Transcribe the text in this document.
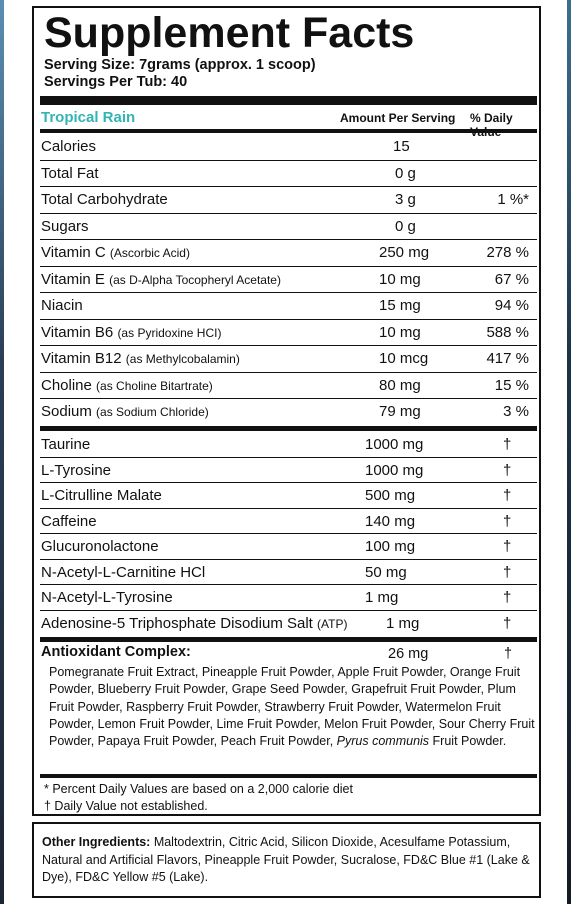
Supplement Facts
Serving Size: 7grams (approx. 1 scoop)
Servings Per Tub: 40
Tropical Rain	Amount Per Serving % Daily
Calories	15
Total Fat	0 g
Total Carbohydrate	3 g	1 %*
Sugars	0 g
Vitamin C (Ascorbic Acid)	250 mg	278 %
Vitamin E (as D-Alpha Tocopheryl Acetate)	10 mg	67 %
Niacin	15 mg	94 %
Vitamin B6 (as Pyridoxine HCI)	10 mg	588 %
Vitamin B12 (as Methylcobalamin)	10 mcg	417 %
Choline (as Choline Bitartrate)	80 mg	15 %
Sodium (as Sodium Chloride)	79 mg	3 %
Taurine	1000 mg	†
L-Tyrosine	1000 mg	†
L-Citrulline Malate	500 mg	†
Caffeine	140 mg	†
Glucuronolactone	100 mg	†
N-Acetyl-L-Carnitine HCl	50 mg	†
N-Acetyl-L-Tyrosine	1 mg	†
Adenosine-5 Triphosphate Disodium Salt (ATP)	1 mg	†
Antioxidant Complex:	26 mg	†
Pomegranate Fruit Extract, Pineapple Fruit Powder, Apple Fruit Powder, Orange Fruit Powder, Blueberry Fruit Powder, Grape Seed Powder, Grapefruit Fruit Powder, Plum Fruit Powder, Raspberry Fruit Powder, Strawberry Fruit Powder, Watermelon Fruit Powder, Lemon Fruit Powder, Lime Fruit Powder, Melon Fruit Powder, Sour Cherry Fruit Powder, Papaya Fruit Powder, Peach Fruit Powder, Pyrus communis Fruit Powder.
* Percent Daily Values are based on a 2,000 calorie diet
† Daily Value not established.
Other Ingredients: Maltodextrin, Citric Acid, Silicon Dioxide, Acesulfame Potassium, Natural and Artificial Flavors, Pineapple Fruit Powder, Sucralose, FD&C Blue #1 (Lake & Dye), FD&C Yellow #5 (Lake).
